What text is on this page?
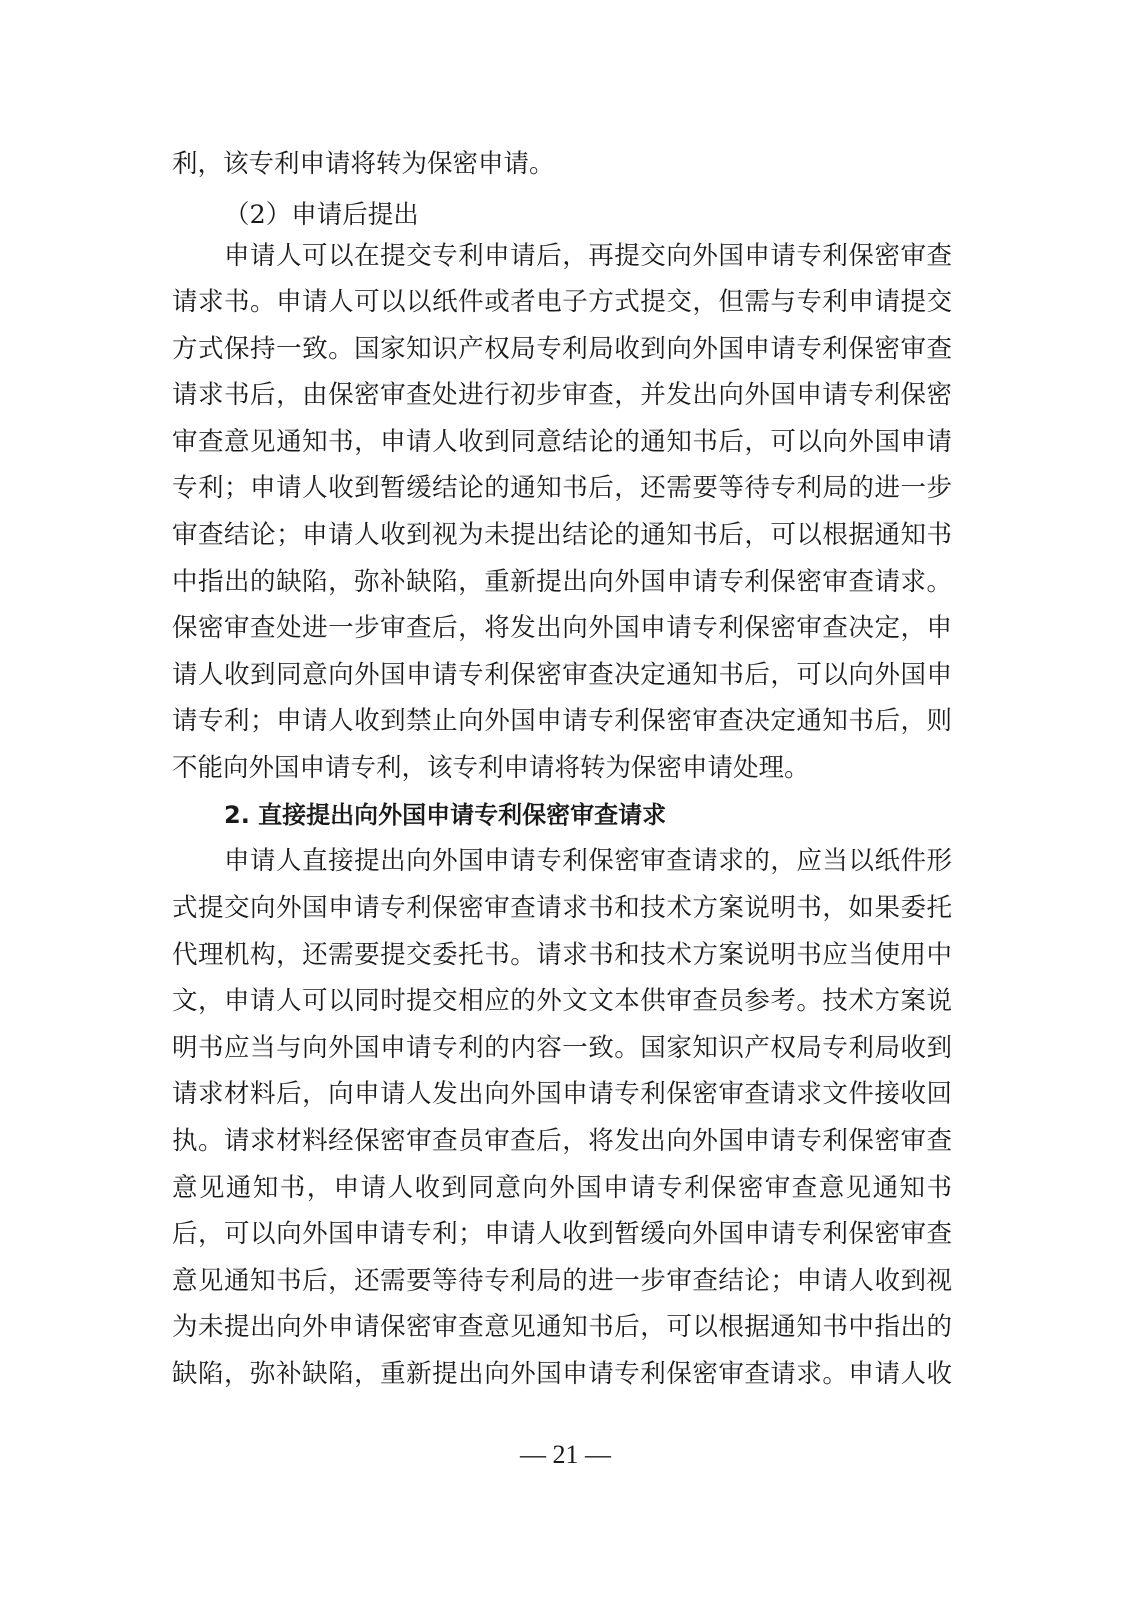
利，该专利申请将转为保密申请。
（2）申请后提出
申请人可以在提交专利申请后，再提交向外国申请专利保密审查
请求书。申请人可以以纸件或者电子方式提交，但需与专利申请提交
方式保持一致。国家知识产权局专利局收到向外国申请专利保密审查
请求书后，由保密审查处进行初步审查，并发出向外国申请专利保密
审查意见通知书，申请人收到同意结论的通知书后，可以向外国申请
专利；申请人收到暂缓结论的通知书后，还需要等待专利局的进一步
审查结论；申请人收到视为未提出结论的通知书后，可以根据通知书
中指出的缺陷，弥补缺陷，重新提出向外国申请专利保密审查请求。
保密审查处进一步审查后，将发出向外国申请专利保密审查决定，申
请人收到同意向外国申请专利保密审查决定通知书后，可以向外国申
请专利；申请人收到禁止向外国申请专利保密审查决定通知书后，则
不能向外国申请专利，该专利申请将转为保密申请处理。
2. 直接提出向外国申请专利保密审查请求
申请人直接提出向外国申请专利保密审查请求的，应当以纸件形
式提交向外国申请专利保密审查请求书和技术方案说明书，如果委托
代理机构，还需要提交委托书。请求书和技术方案说明书应当使用中
文，申请人可以同时提交相应的外文文本供审查员参考。技术方案说
明书应当与向外国申请专利的内容一致。国家知识产权局专利局收到
请求材料后，向申请人发出向外国申请专利保密审查请求文件接收回
执。请求材料经保密审查员审查后，将发出向外国申请专利保密审查
意见通知书，申请人收到同意向外国申请专利保密审查意见通知书
后，可以向外国申请专利；申请人收到暂缓向外国申请专利保密审查
意见通知书后，还需要等待专利局的进一步审查结论；申请人收到视
为未提出向外申请保密审查意见通知书后，可以根据通知书中指出的
缺陷，弥补缺陷，重新提出向外国申请专利保密审查请求。申请人收
— 21 —
